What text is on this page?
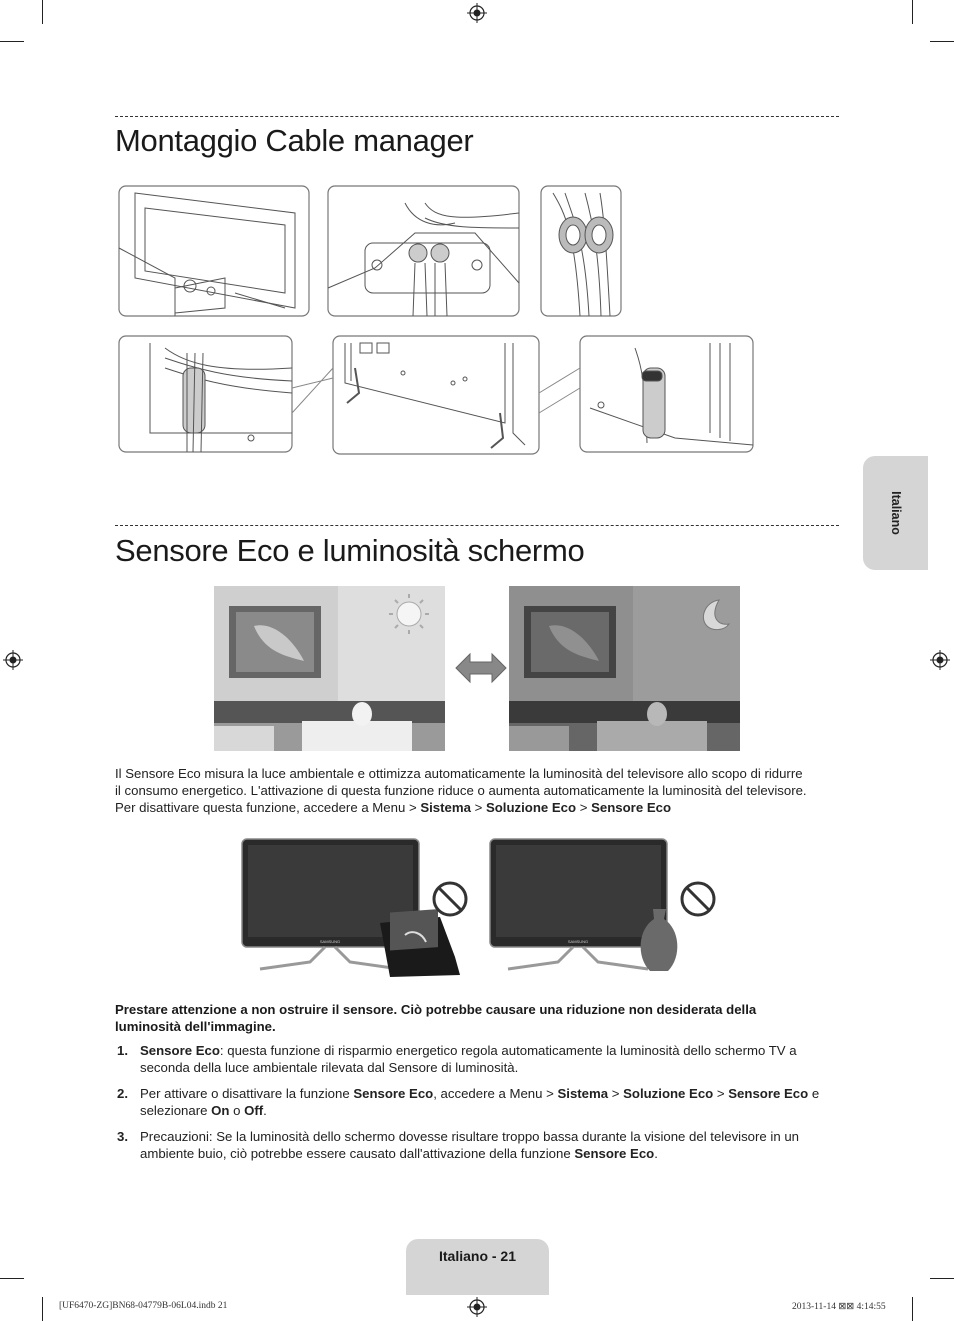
Montaggio Cable manager
Sensore Eco e luminosità schermo

Il Sensore Eco misura la luce ambientale e ottimizza automaticamente la luminosità del televisore allo scopo di ridurre
il consumo energetico. L'attivazione di questa funzione riduce o aumenta automaticamente la luminosità del televisore.
Per disattivare questa funzione, accedere a Menu > Sistema > Soluzione Eco > Sensore Eco

SAMSUNG	SAMSUNG

Prestare attenzione a non ostruire il sensore. Ciò potrebbe causare una riduzione non desiderata della
luminosità dell'immagine.

1. Sensore Eco: questa funzione di risparmio energetico regola automaticamente la luminosità dello schermo TV a
seconda della luce ambientale rilevata dal Sensore di luminosità.
2. Per attivare o disattivare la funzione Sensore Eco, accedere a Menu > Sistema > Soluzione Eco > Sensore Eco e
selezionare On o Off.
3. Precauzioni: Se la luminosità dello schermo dovesse risultare troppo bassa durante la visione del televisore in un
ambiente buio, ciò potrebbe essere causato dall'attivazione della funzione Sensore Eco.
Italiano
Italiano - 21
[UF6470-ZG]BN68-04779B-06L04.indb 21	2013-11-14 ⊠⊠ 4:14:55
